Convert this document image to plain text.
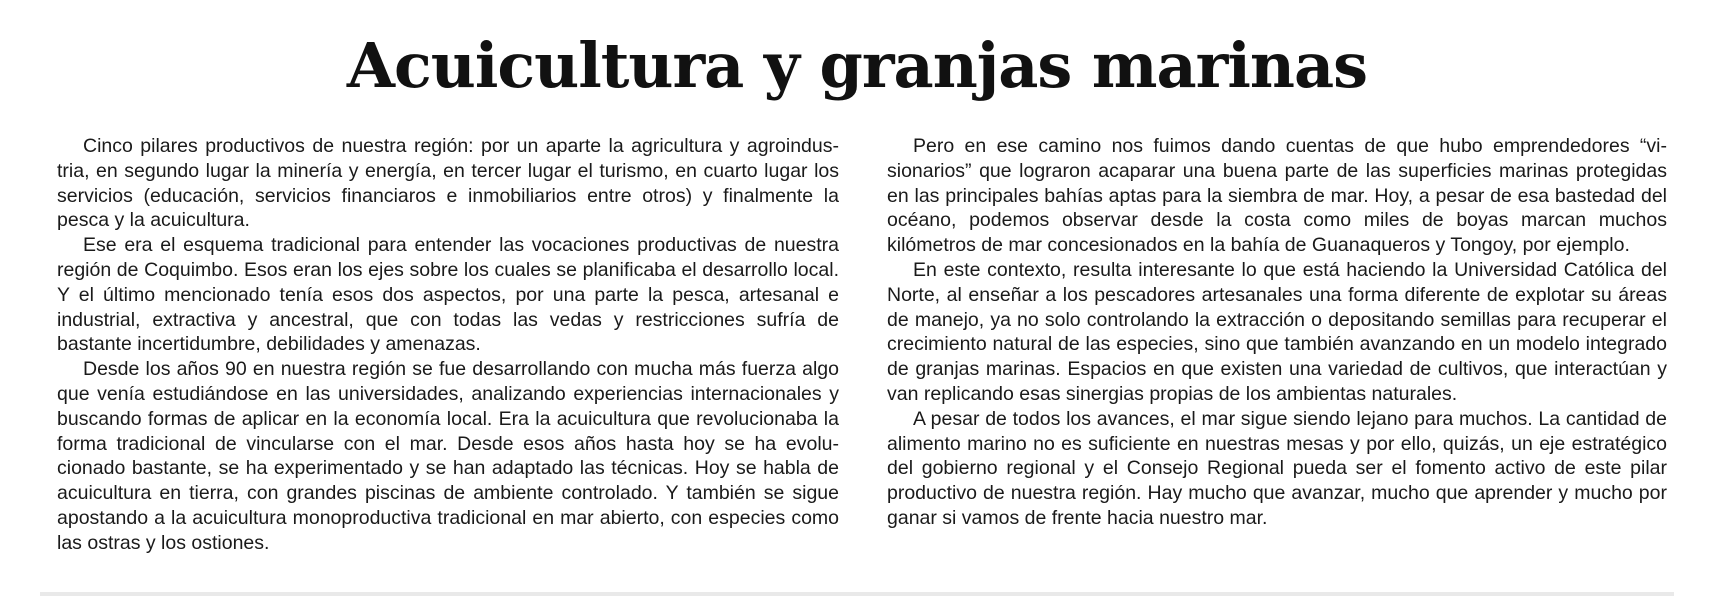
Acuicultura y granjas marinas

Cinco pilares productivos de nuestra región: por un aparte la agricultura y agroindustria, en segundo lugar la minería y energía, en tercer lugar el turismo, en cuarto lugar los servicios (educación, servicios financiaros e inmobiliarios entre otros) y finalmente la pesca y la acuicultura.

Ese era el esquema tradicional para entender las vocaciones productivas de nuestra región de Coquimbo. Esos eran los ejes sobre los cuales se planificaba el desarrollo local. Y el último mencionado tenía esos dos aspectos, por una parte la pesca, artesanal e industrial, extractiva y ancestral, que con todas las vedas y restricciones sufría de bastante incertidumbre, debilidades y amenazas.

Desde los años 90 en nuestra región se fue desarrollando con mucha más fuerza algo que venía estudiándose en las universidades, analizando experiencias internacionales y buscando formas de aplicar en la economía local. Era la acuicultura que revolucionaba la forma tradicional de vincularse con el mar. Desde esos años hasta hoy se ha evolucionado bastante, se ha experimentado y se han adaptado las técnicas. Hoy se habla de acuicultura en tierra, con grandes piscinas de ambiente controlado. Y también se sigue apostando a la acuicultura monoproductiva tradicional en mar abierto, con especies como las ostras y los ostiones.

Pero en ese camino nos fuimos dando cuentas de que hubo emprendedores “visionarios” que lograron acaparar una buena parte de las superficies marinas protegidas en las principales bahías aptas para la siembra de mar. Hoy, a pesar de esa bastedad del océano, podemos observar desde la costa como miles de boyas marcan muchos kilómetros de mar concesionados en la bahía de Guanaqueros y Tongoy, por ejemplo.

En este contexto, resulta interesante lo que está haciendo la Universidad Católica del Norte, al enseñar a los pescadores artesanales una forma diferente de explotar su áreas de manejo, ya no solo controlando la extracción o depositando semillas para recuperar el crecimiento natural de las especies, sino que también avanzando en un modelo integrado de granjas marinas. Espacios en que existen una variedad de cultivos, que interactúan y van replicando esas sinergias propias de los ambientas naturales.

A pesar de todos los avances, el mar sigue siendo lejano para muchos. La cantidad de alimento marino no es suficiente en nuestras mesas y por ello, quizás, un eje estratégico del gobierno regional y el Consejo Regional pueda ser el fomento activo de este pilar productivo de nuestra región. Hay mucho que avanzar, mucho que aprender y mucho por ganar si vamos de frente hacia nuestro mar.
